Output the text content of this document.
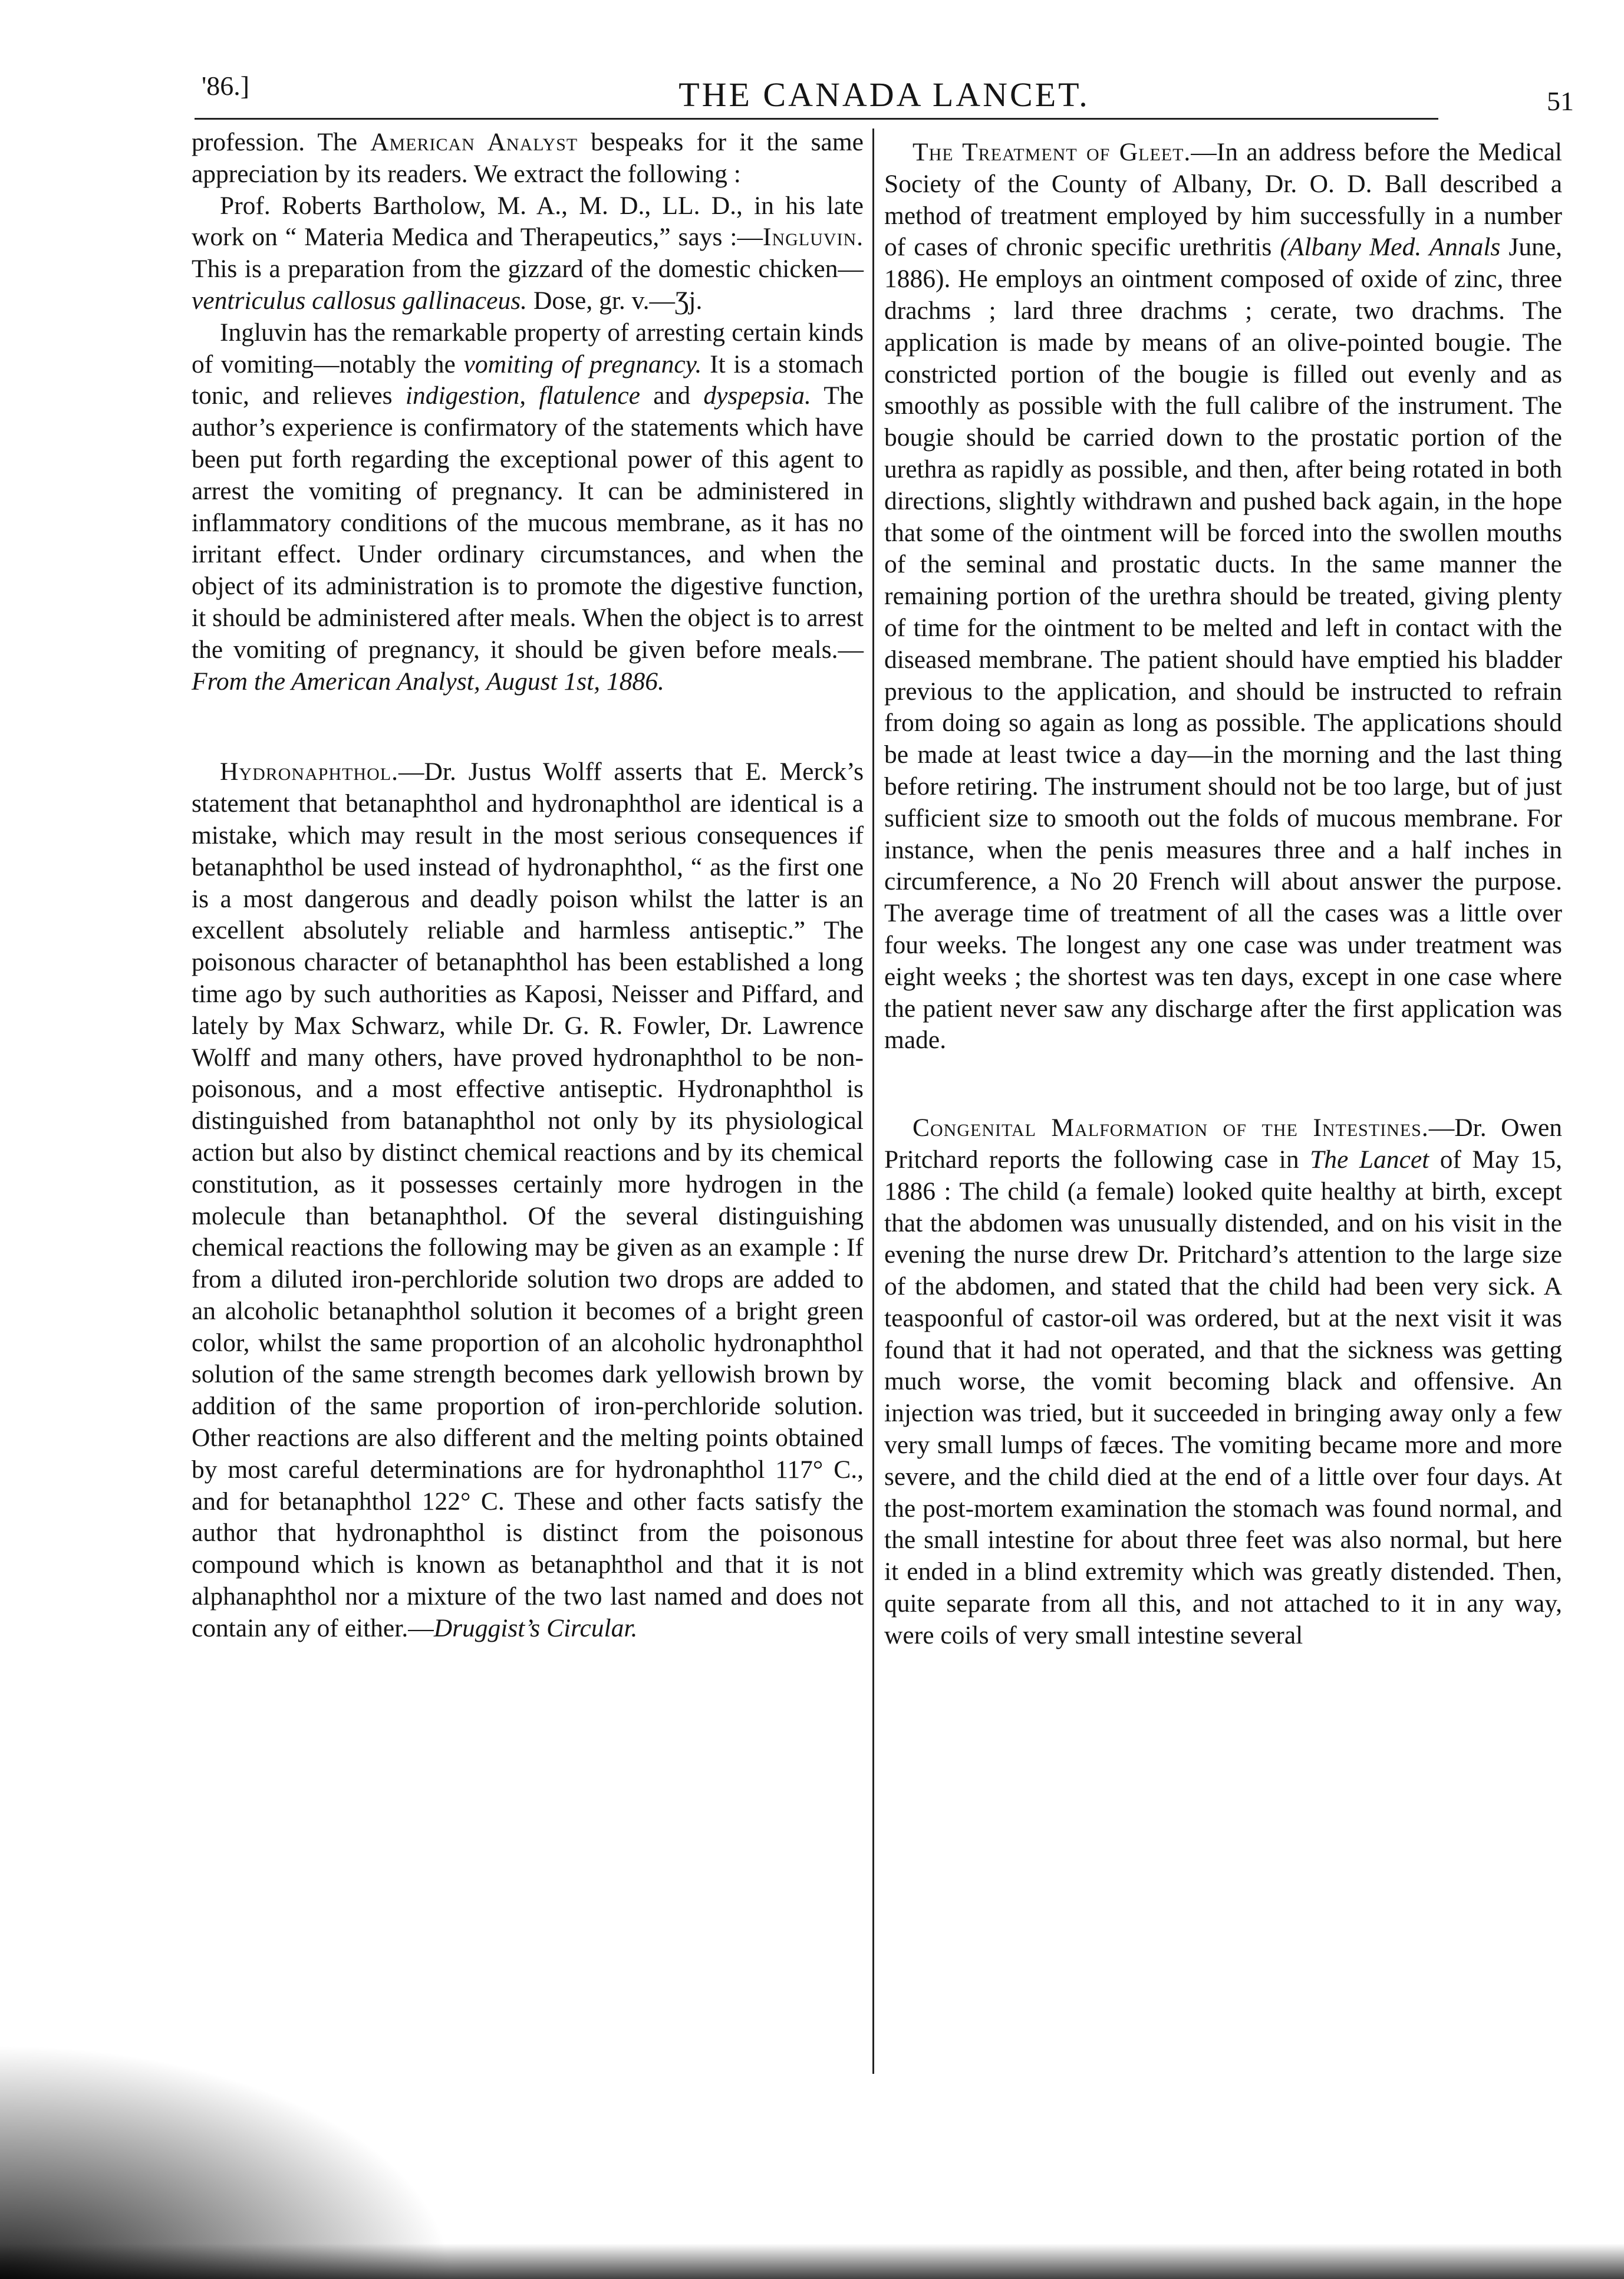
'86.]	THE CANADA LANCET.	51

profession. The American Analyst bespeaks for it the same appreciation by its readers. We extract the following :

Prof. Roberts Bartholow, M. A., M. D., LL. D., in his late work on “ Materia Medica and Therapeutics,” says :—Ingluvin. This is a preparation from the gizzard of the domestic chicken—ventriculus callosus gallinaceus. Dose, gr. v.—Ʒj.

Ingluvin has the remarkable property of arresting certain kinds of vomiting—notably the vomiting of pregnancy. It is a stomach tonic, and relieves indigestion, flatulence and dyspepsia. The author’s experience is confirmatory of the statements which have been put forth regarding the exceptional power of this agent to arrest the vomiting of pregnancy. It can be administered in inflammatory conditions of the mucous membrane, as it has no irritant effect. Under ordinary circumstances, and when the object of its administration is to promote the digestive function, it should be administered after meals. When the object is to arrest the vomiting of pregnancy, it should be given before meals.—From the American Analyst, August 1st, 1886.

Hydronaphthol.—Dr. Justus Wolff asserts that E. Merck’s statement that betanaphthol and hydronaphthol are identical is a mistake, which may result in the most serious consequences if betanaphthol be used instead of hydronaphthol, “ as the first one is a most dangerous and deadly poison whilst the latter is an excellent absolutely reliable and harmless antiseptic.” The poisonous character of betanaphthol has been established a long time ago by such authorities as Kaposi, Neisser and Piffard, and lately by Max Schwarz, while Dr. G. R. Fowler, Dr. Lawrence Wolff and many others, have proved hydronaphthol to be non-poisonous, and a most effective antiseptic. Hydronaphthol is distinguished from batanaphthol not only by its physiological action but also by distinct chemical reactions and by its chemical constitution, as it possesses certainly more hydrogen in the molecule than betanaphthol. Of the several distinguishing chemical reactions the following may be given as an example : If from a diluted iron-perchloride solution two drops are added to an alcoholic betanaphthol solution it becomes of a bright green color, whilst the same proportion of an alcoholic hydronaphthol solution of the same strength becomes dark yellowish brown by addition of the same proportion of iron-perchloride solution. Other reactions are also different and the melting points obtained by most careful determinations are for hydronaphthol 117° C., and for betanaphthol 122° C. These and other facts satisfy the author that hydronaphthol is distinct from the poisonous compound which is known as betanaphthol and that it is not alphanaphthol nor a mixture of the two last named and does not contain any of either.—Druggist’s Circular.

The Treatment of Gleet.—In an address before the Medical Society of the County of Albany, Dr. O. D. Ball described a method of treatment employed by him successfully in a number of cases of chronic specific urethritis (Albany Med. Annals June, 1886). He employs an ointment composed of oxide of zinc, three drachms ; lard three drachms ; cerate, two drachms. The application is made by means of an olive-pointed bougie. The constricted portion of the bougie is filled out evenly and as smoothly as possible with the full calibre of the instrument. The bougie should be carried down to the prostatic portion of the urethra as rapidly as possible, and then, after being rotated in both directions, slightly withdrawn and pushed back again, in the hope that some of the ointment will be forced into the swollen mouths of the seminal and prostatic ducts. In the same manner the remaining portion of the urethra should be treated, giving plenty of time for the ointment to be melted and left in contact with the diseased membrane. The patient should have emptied his bladder previous to the application, and should be instructed to refrain from doing so again as long as possible. The applications should be made at least twice a day—in the morning and the last thing before retiring. The instrument should not be too large, but of just sufficient size to smooth out the folds of mucous membrane. For instance, when the penis measures three and a half inches in circumference, a No 20 French will about answer the purpose. The average time of treatment of all the cases was a little over four weeks. The longest any one case was under treatment was eight weeks ; the shortest was ten days, except in one case where the patient never saw any discharge after the first application was made.

Congenital Malformation of the Intestines.—Dr. Owen Pritchard reports the following case in The Lancet of May 15, 1886 : The child (a female) looked quite healthy at birth, except that the abdomen was unusually distended, and on his visit in the evening the nurse drew Dr. Pritchard’s attention to the large size of the abdomen, and stated that the child had been very sick. A teaspoonful of castor-oil was ordered, but at the next visit it was found that it had not operated, and that the sickness was getting much worse, the vomit becoming black and offensive. An injection was tried, but it succeeded in bringing away only a few very small lumps of fæces. The vomiting became more and more severe, and the child died at the end of a little over four days. At the post-mortem examination the stomach was found normal, and the small intestine for about three feet was also normal, but here it ended in a blind extremity which was greatly distended. Then, quite separate from all this, and not attached to it in any way, were coils of very small intestine several
